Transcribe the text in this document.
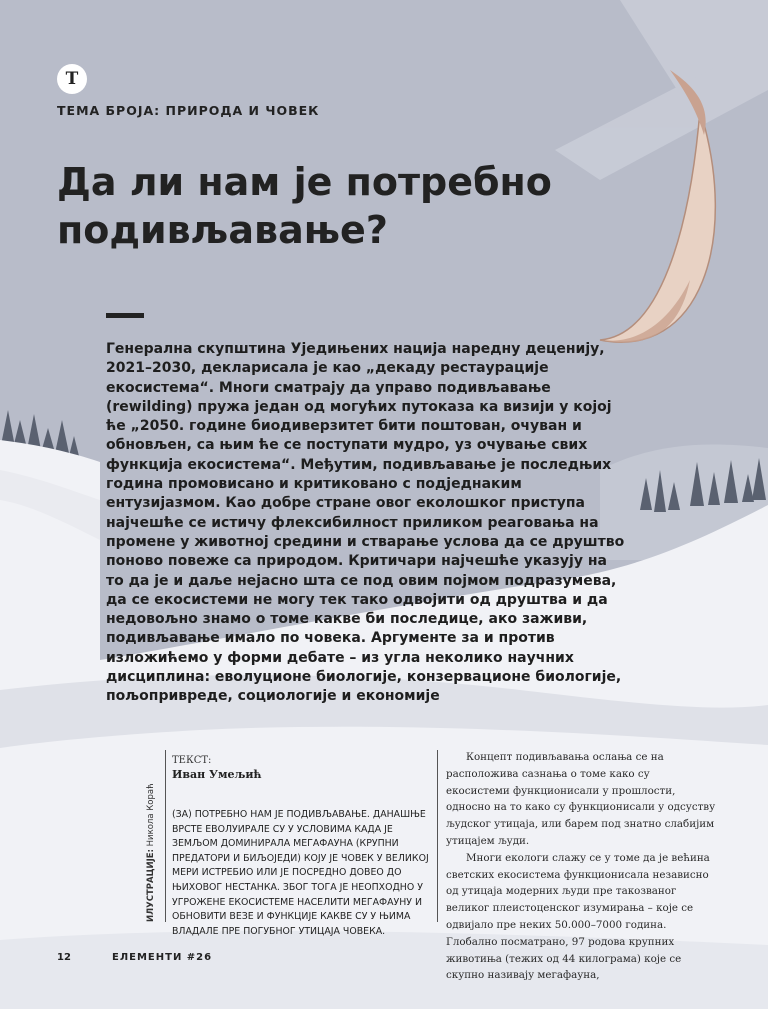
T
ТЕМА БРОЈА: ПРИРОДА И ЧОВЕК
Да ли нам је потребно подивљавање?

Генерална скупштина Уједињених нација наредну деценију, 2021–2030, декларисала је као „декаду рестаурације екосистема“. Многи сматрају да управо подивљавање (rewilding) пружа један од могућих путоказа ка визији у којој ће „2050. године биодиверзитет бити поштован, очуван и обновљен, са њим ће се поступати мудро, уз очување свих функција екосистема“. Међутим, подивљавање је последњих година промовисано и критиковано с подједнаким ентузијазмом. Као добре стране овог еколошког приступа најчешће се истичу флексибилност приликом реаговања на промене у животној средини и стварање услова да се друштво поново повеже са природом. Критичари најчешће указују на то да је и даље нејасно шта се под овим појмом подразумева, да се екосистеми не могу тек тако одвојити од друштва и да недовољно знамо о томе какве би последице, ако заживи, подивљавање имало по човека. Аргументе за и против изложићемо у форми дебате – из угла неколико научних дисциплина: еволуционе биологије, конзервационе биологије, пољопривреде, социологије и економије

ИЛУСТРАЦИЈЕ: Никола Кораћ
ТЕКСТ:
Иван Умељић

(ЗА) ПОТРЕБНО НАМ ЈЕ ПОДИВЉАВАЊЕ. ДАНАШЊЕ ВРСТЕ ЕВОЛУИРАЛЕ СУ У УСЛОВИМА КАДА ЈЕ ЗЕМЉОМ ДОМИНИРАЛА МЕГАФАУНА (КРУПНИ ПРЕДАТОРИ И БИЉОЈЕДИ) КОЈУ ЈЕ ЧОВЕК У ВЕЛИКОЈ МЕРИ ИСТРЕБИО ИЛИ ЈЕ ПОСРЕДНО ДОВЕО ДО ЊИХОВОГ НЕСТАНКА. ЗБОГ ТОГА ЈЕ НЕОПХОДНО У УГРОЖЕНЕ ЕКОСИСТЕМЕ НАСЕЛИТИ МЕГАФАУНУ И ОБНОВИТИ ВЕЗЕ И ФУНКЦИЈЕ КАКВЕ СУ У ЊИМА ВЛАДАЛЕ ПРЕ ПОГУБНОГ УТИЦАЈА ЧОВЕКА.

Концепт подивљавања ослања се на расположива сазнања о томе како су екосистеми функционисали у прошлости, односно на то како су функционисали у одсуству људског утицаја, или барем под знатно слабијим утицајем људи.

Многи екологи слажу се у томе да је већина светских екосистема функционисала независно од утицаја модерних људи пре такозваног великог плеистоценског изумирања – које се одвијало пре неких 50.000–7000 година. Глобално посматрано, 97 родова крупних животиња (тежих од 44 килограма) које се скупно називају мегафауна,

12	ЕЛЕМЕНТИ #26
